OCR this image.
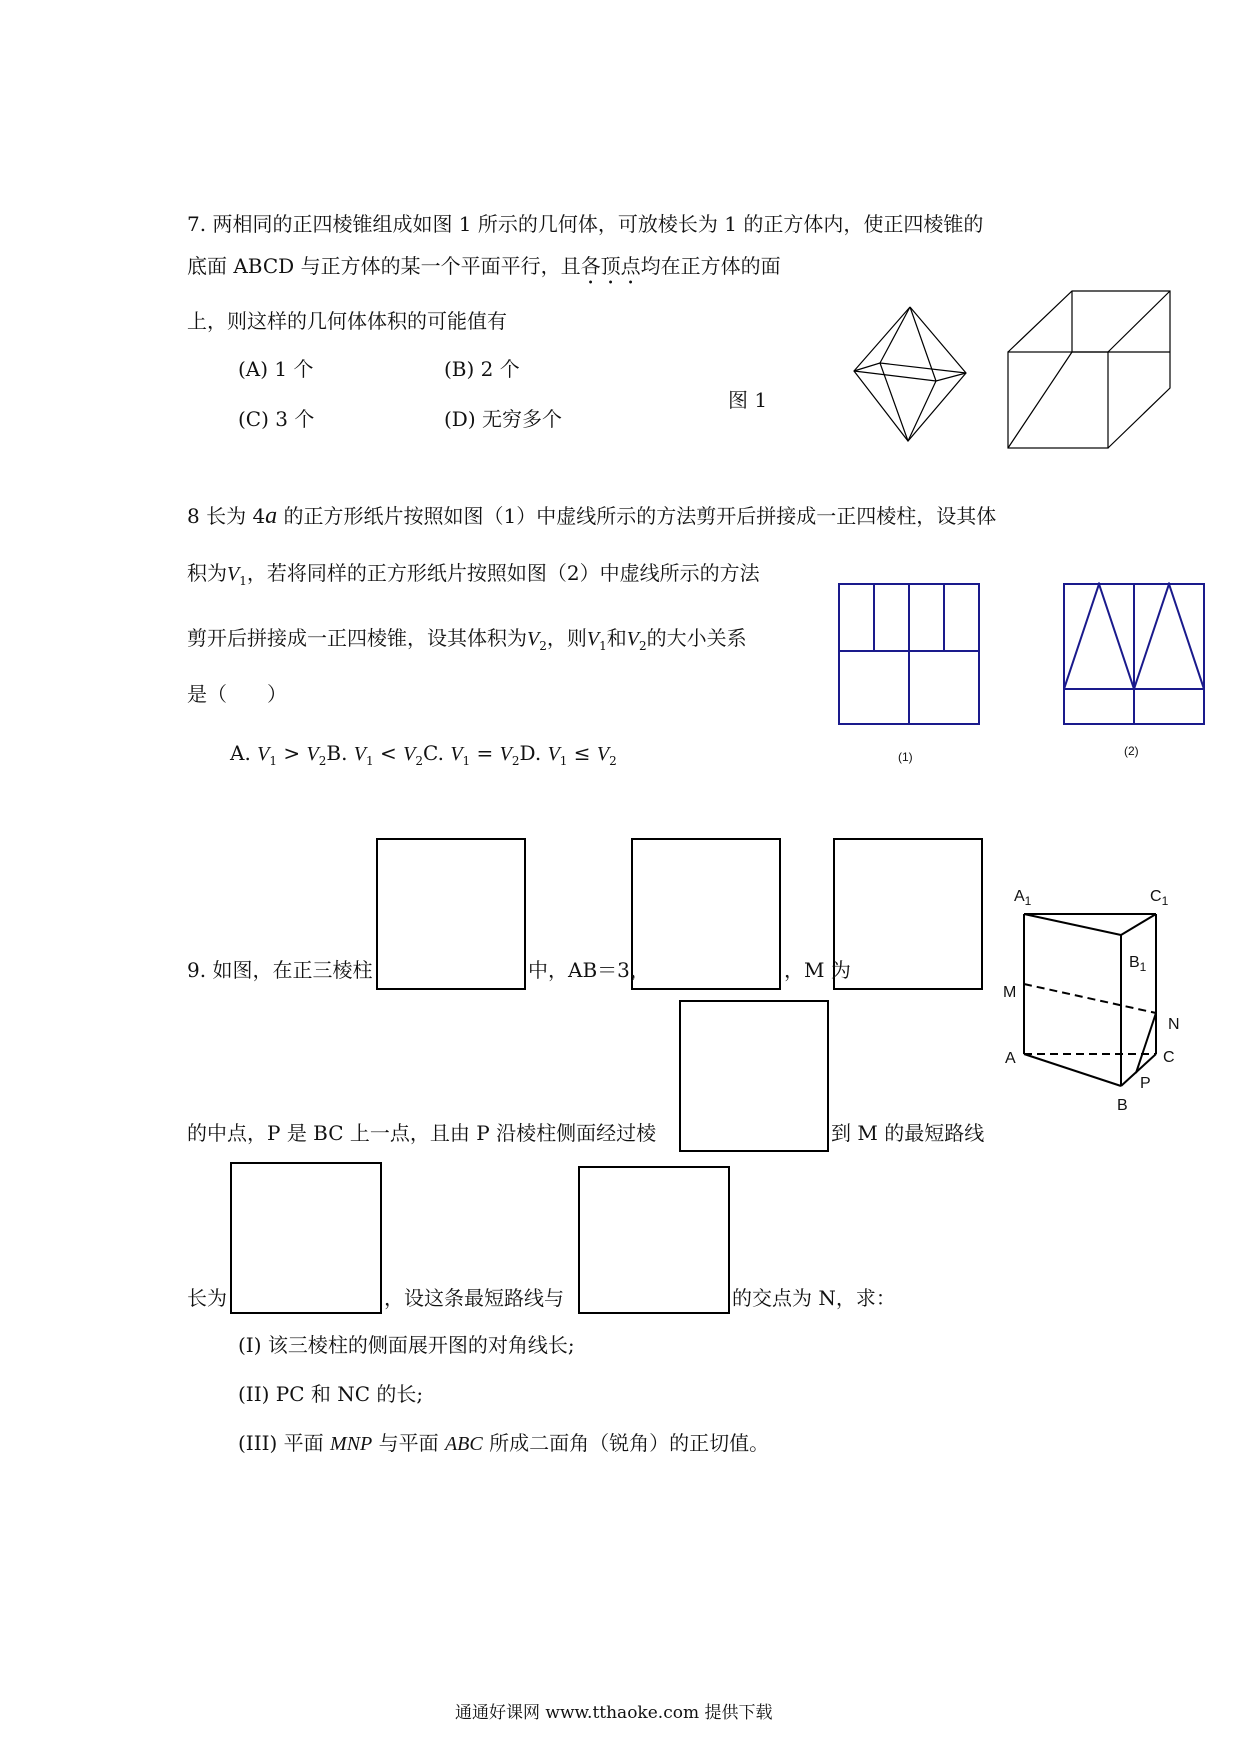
7. 两相同的正四棱锥组成如图 1 所示的几何体，可放棱长为 1 的正方体内，使正四棱锥的
底面 ABCD 与正方体的某一个平面平行，且各顶点均在正方体的面
上，则这样的几何体体积的可能值有
(A) 1 个	(B) 2 个
(C) 3 个	(D) 无穷多个
图 1
8 长为 4a 的正方形纸片按照如图（1）中虚线所示的方法剪开后拼接成一正四棱柱，设其体
积为$V_1$，若将同样的正方形纸片按照如图（2）中虚线所示的方法
剪开后拼接成一正四棱锥，设其体积为$V_2$，则$V_1$和$V_2$的大小关系
是（　　）
A. $V_1 > V_2B$. $V_1 < V_2C$. $V_1 = V_2D$. $V_1 \le V_2$	(1)	(2)
9. 如图，在正三棱柱	中，AB＝3，	，M 为
的中点，P 是 BC 上一点，且由 P 沿棱柱侧面经过棱	到 M 的最短路线
长为	，设这条最短路线与	的交点为 N，求：
(I) 该三棱柱的侧面展开图的对角线长;
(II) PC 和 NC 的长;
(III) 平面 MNP 与平面 ABC 所成二面角（锐角）的正切值。
$A_1$	$C_1$
$B_1$
M
N
A	C
P
B
通通好课网 www.tthaoke.com 提供下载
